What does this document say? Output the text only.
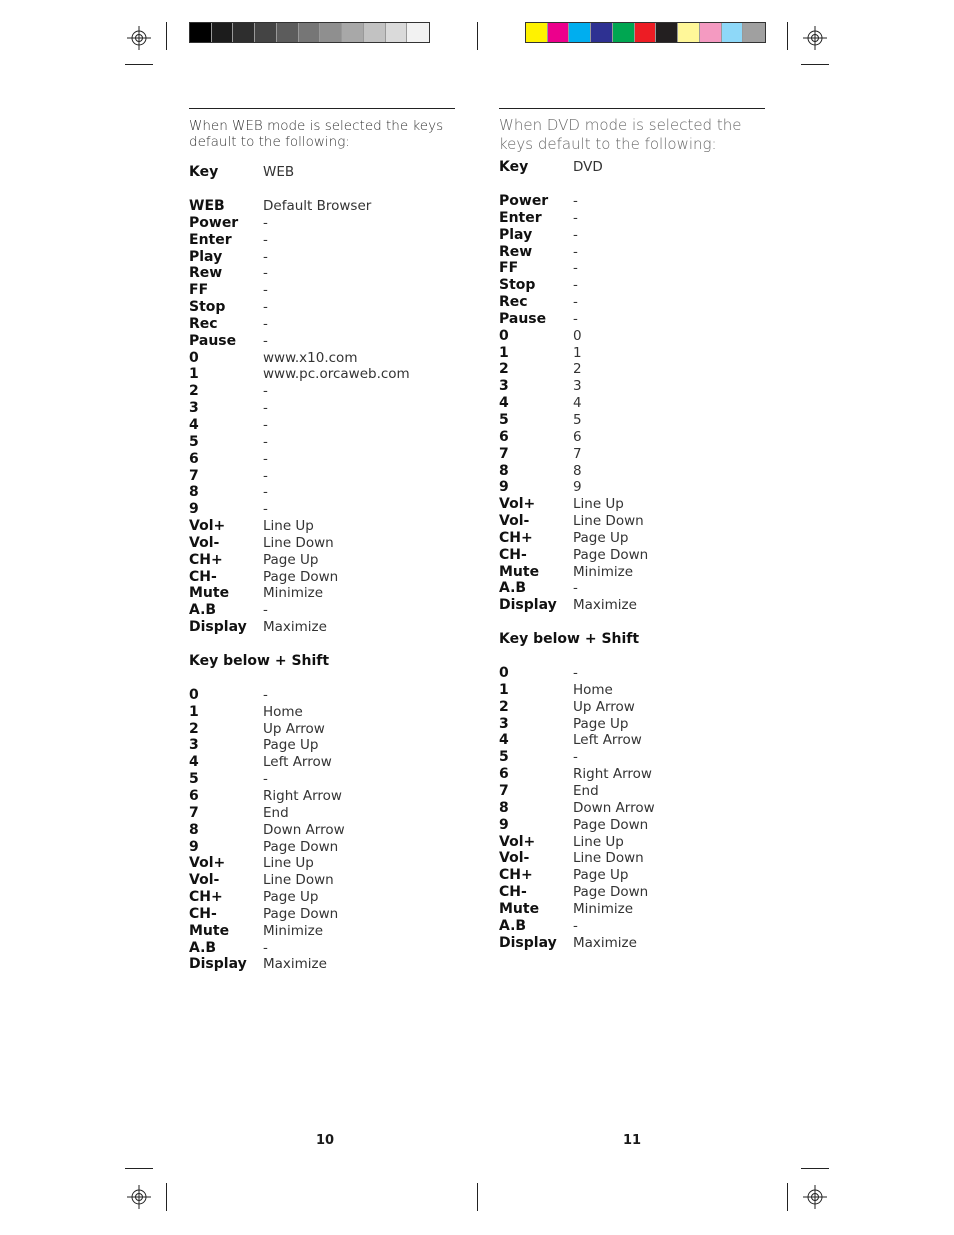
When WEB mode is selected the keys default to the following:
Key	WEB
WEB	Default Browser
Power	-
Enter	-
Play	-
Rew	-
FF	-
Stop	-
Rec	-
Pause	-
0	www.x10.com
1	www.pc.orcaweb.com
2	-
3	-
4	-
5	-
6	-
7	-
8	-
9	-
Vol+	Line Up
Vol-	Line Down
CH+	Page Up
CH-	Page Down
Mute	Minimize
A.B	-
Display	Maximize
Key below + Shift
0	-
1	Home
2	Up Arrow
3	Page Up
4	Left Arrow
5	-
6	Right Arrow
7	End
8	Down Arrow
9	Page Down
Vol+	Line Up
Vol-	Line Down
CH+	Page Up
CH-	Page Down
Mute	Minimize
A.B	-
Display	Maximize
When DVD mode is selected the keys default to the following:
Key	DVD
Power	-
Enter	-
Play	-
Rew	-
FF	-
Stop	-
Rec	-
Pause	-
0	0
1	1
2	2
3	3
4	4
5	5
6	6
7	7
8	8
9	9
Vol+	Line Up
Vol-	Line Down
CH+	Page Up
CH-	Page Down
Mute	Minimize
A.B	-
Display	Maximize
Key below + Shift
0	-
1	Home
2	Up Arrow
3	Page Up
4	Left Arrow
5	-
6	Right Arrow
7	End
8	Down Arrow
9	Page Down
Vol+	Line Up
Vol-	Line Down
CH+	Page Up
CH-	Page Down
Mute	Minimize
A.B	-
Display	Maximize
10	11
